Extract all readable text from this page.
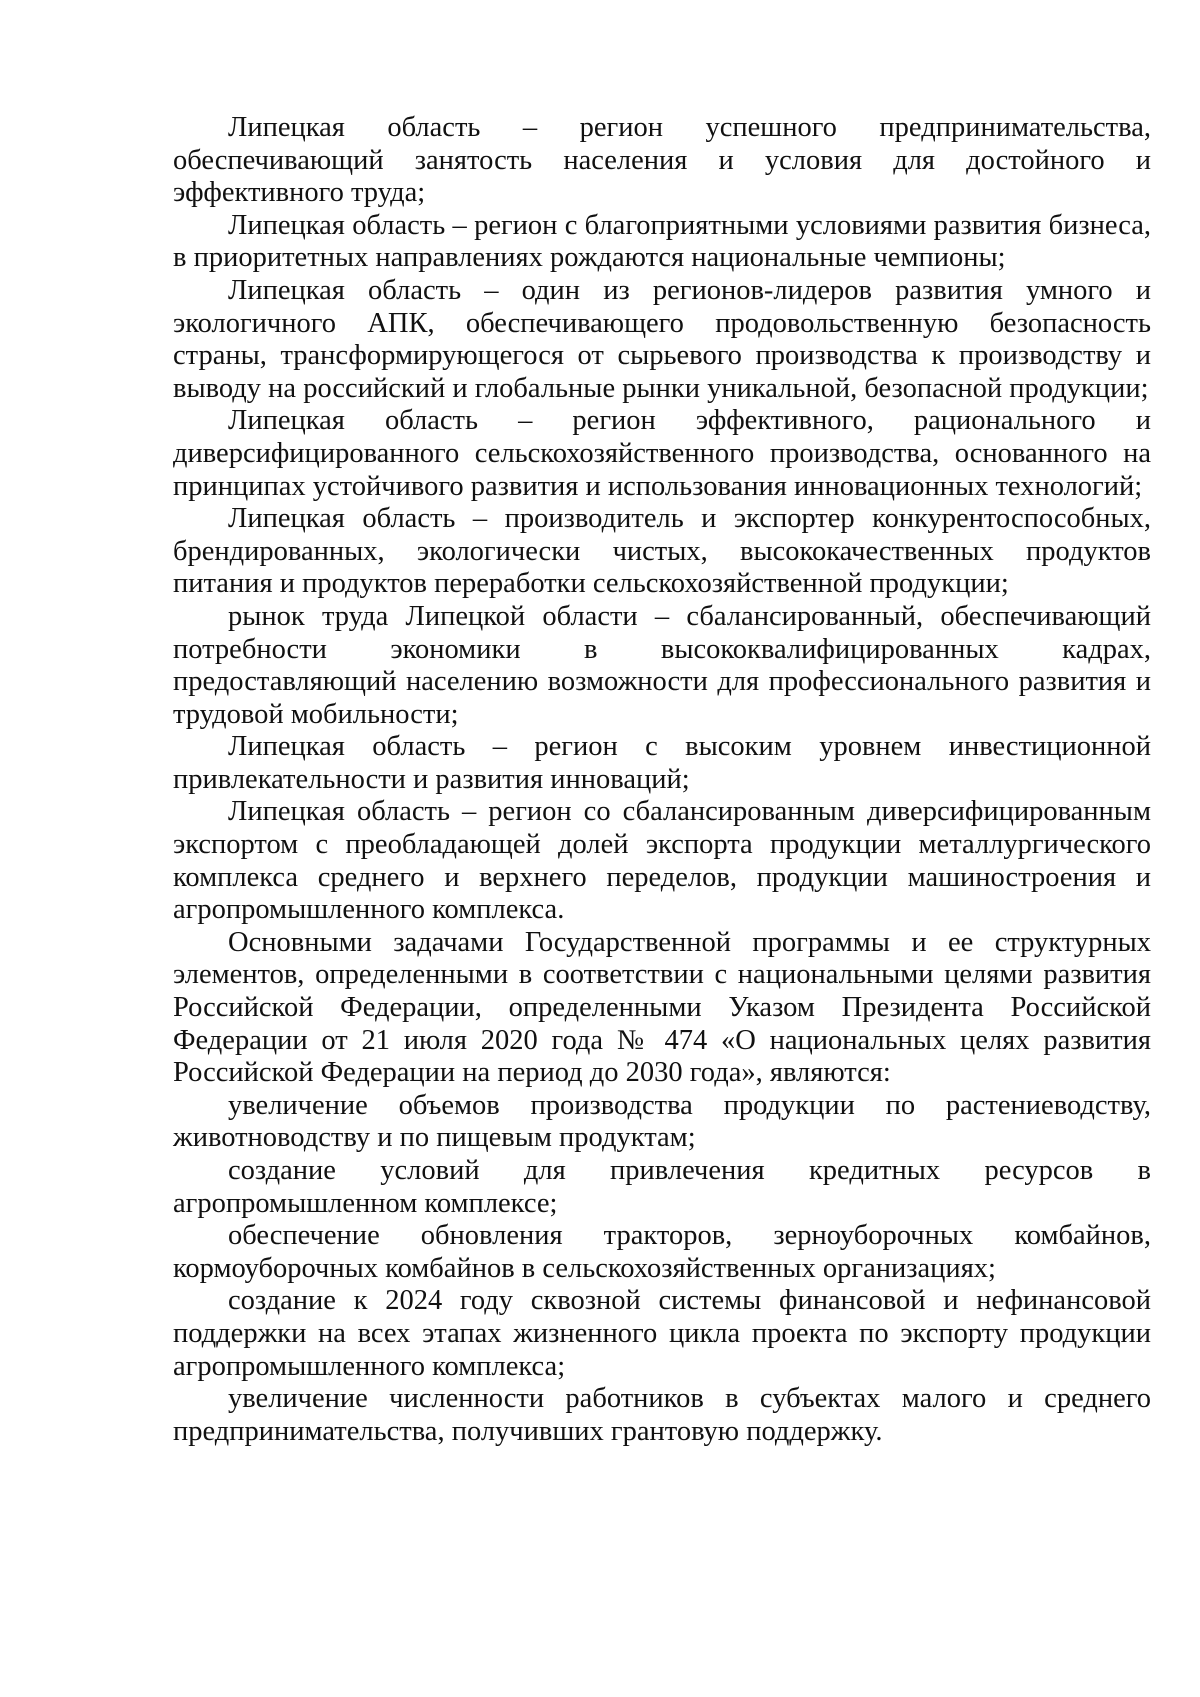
Липецкая область – регион успешного предпринимательства, обеспечивающий занятость населения и условия для достойного и эффективного труда;

Липецкая область – регион с благоприятными условиями развития бизнеса, в приоритетных направлениях рождаются национальные чемпионы;

Липецкая область – один из регионов-лидеров развития умного и экологичного АПК, обеспечивающего продовольственную безопасность страны, трансформирующегося от сырьевого производства к производству и выводу на российский и глобальные рынки уникальной, безопасной продукции;

Липецкая область – регион эффективного, рационального и диверсифицированного сельскохозяйственного производства, основанного на принципах устойчивого развития и использования инновационных технологий;

Липецкая область – производитель и экспортер конкурентоспособных, брендированных, экологически чистых, высококачественных продуктов питания и продуктов переработки сельскохозяйственной продукции;

рынок труда Липецкой области – сбалансированный, обеспечивающий потребности экономики в высококвалифицированных кадрах, предоставляющий населению возможности для профессионального развития и трудовой мобильности;

Липецкая область – регион с высоким уровнем инвестиционной привлекательности и развития инноваций;

Липецкая область – регион со сбалансированным диверсифицированным экспортом с преобладающей долей экспорта продукции металлургического комплекса среднего и верхнего переделов, продукции машиностроения и агропромышленного комплекса.

Основными задачами Государственной программы и ее структурных элементов, определенными в соответствии с национальными целями развития Российской Федерации, определенными Указом Президента Российской Федерации от 21 июля 2020 года № 474 «О национальных целях развития Российской Федерации на период до 2030 года», являются:

увеличение объемов производства продукции по растениеводству, животноводству и по пищевым продуктам;

создание условий для привлечения кредитных ресурсов в агропромышленном комплексе;

обеспечение обновления тракторов, зерноуборочных комбайнов, кормоуборочных комбайнов в сельскохозяйственных организациях;

создание к 2024 году сквозной системы финансовой и нефинансовой поддержки на всех этапах жизненного цикла проекта по экспорту продукции агропромышленного комплекса;

увеличение численности работников в субъектах малого и среднего предпринимательства, получивших грантовую поддержку.
